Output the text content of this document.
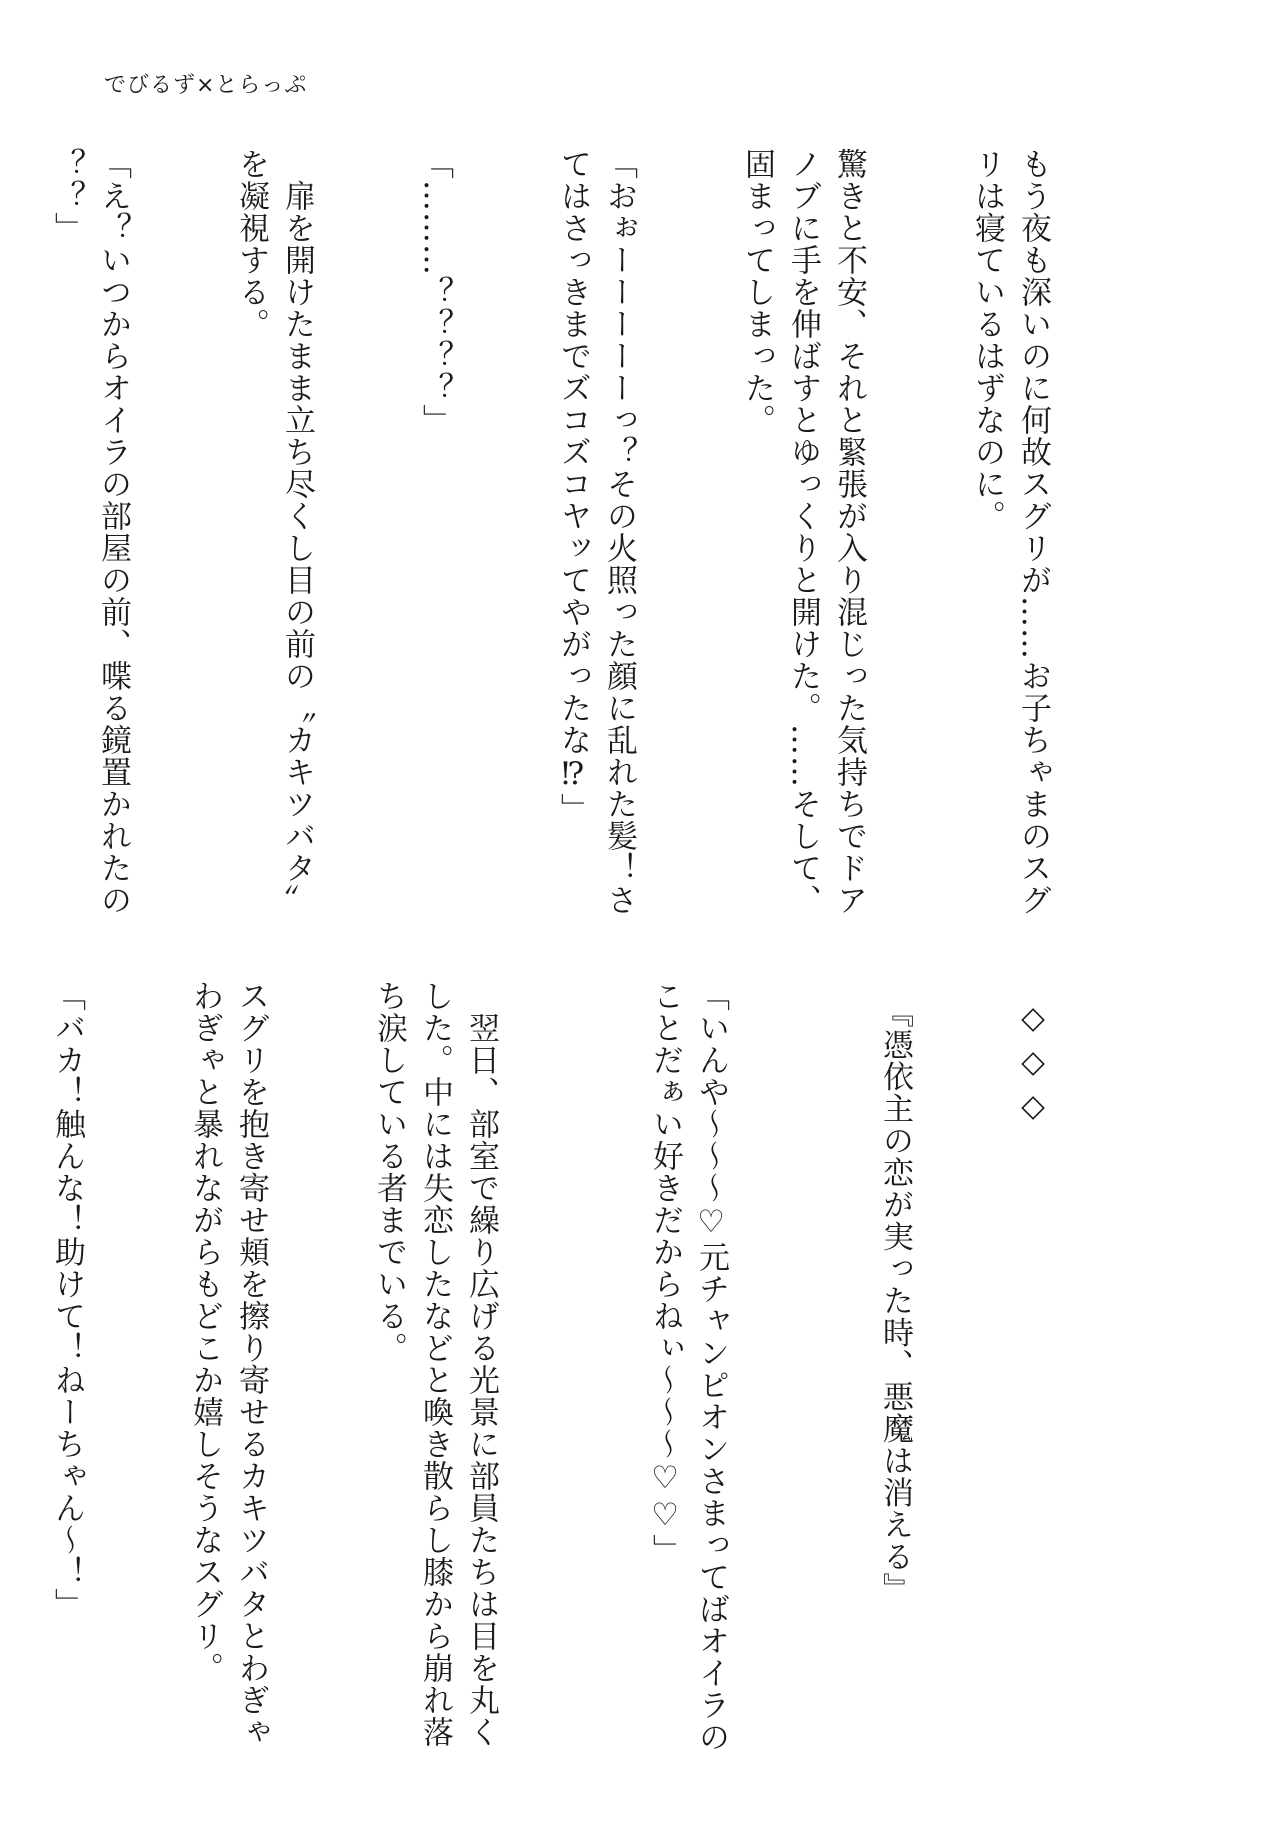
でびるず×とらっぷ

もう夜も深いのに何故スグリが……お子ちゃまのスグ
リは寝ているはずなのに。

驚きと不安、それと緊張が入り混じった気持ちでドア
ノブに手を伸ばすとゆっくりと開けた。……そして、
固まってしまった。

「おぉーーーーーっ？その火照った顔に乱れた髪！さ
てはさっきまでズコズコヤッてやがったな⁉」

「………？？？？」

　扉を開けたまま立ち尽くし目の前の〝カキツバタ〟
を凝視する。

「え？いつからオイラの部屋の前、喋る鏡置かれたの
？？」

◇◇◇

　『憑依主の恋が実った時、悪魔は消える』

「いんや～～～♡元チャンピオンさまってばオイラの
ことだぁい好きだからねぃ～～～♡♡」

　翌日、部室で繰り広げる光景に部員たちは目を丸く
した。中には失恋したなどと喚き散らし膝から崩れ落
ち涙している者までいる。

スグリを抱き寄せ頬を擦り寄せるカキツバタとわぎゃ
わぎゃと暴れながらもどこか嬉しそうなスグリ。

「バカ！触んな！助けて！ねーちゃん～！」
